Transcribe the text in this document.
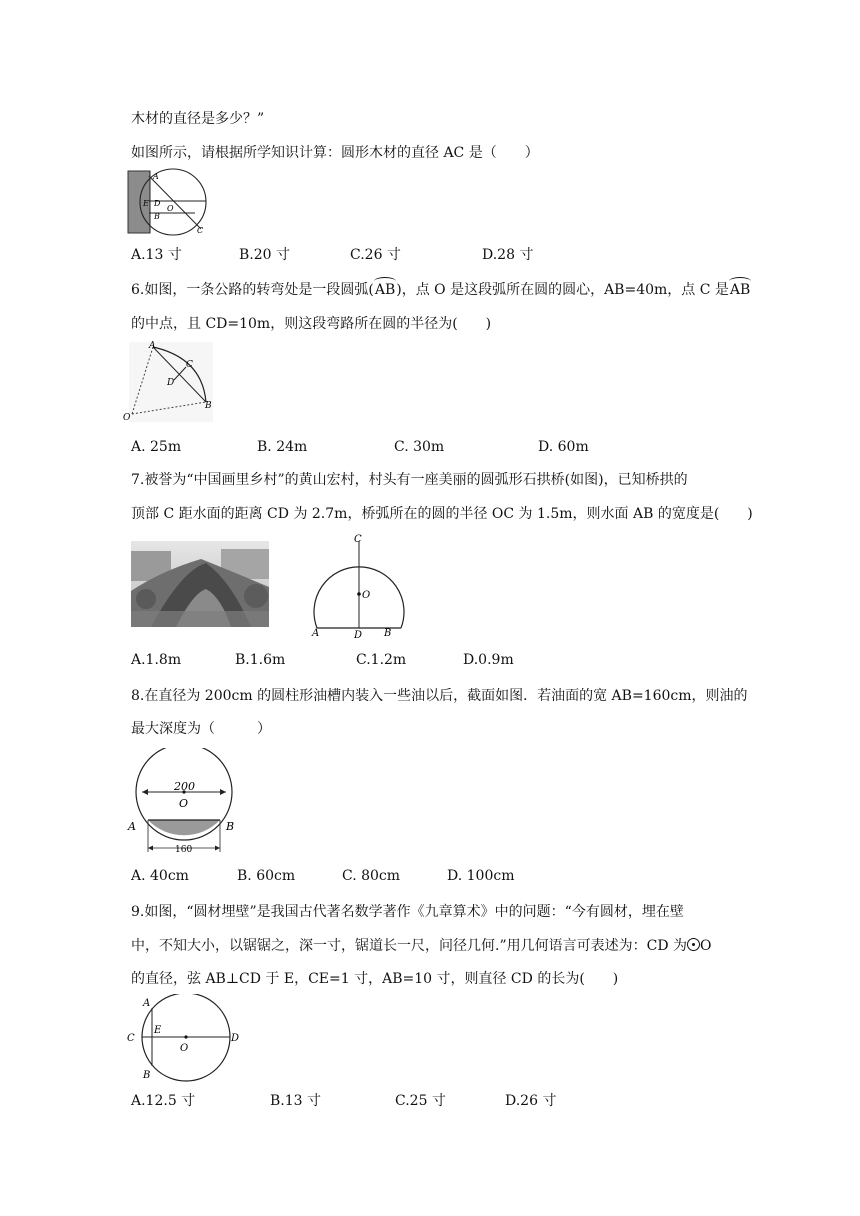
木材的直径是多少？”
如图所示，请根据所学知识计算：圆形木材的直径 AC 是（　　）
A
E D
O
B
C
A.13 寸	B.20 寸	C.26 寸	D.28 寸
6.如图，一条公路的转弯处是一段圆弧(AB)，点 O 是这段弧所在圆的圆心，AB=40m，点 C 是AB
的中点，且 CD=10m，则这段弯路所在圆的半径为(　　)
A
C
D
O
B
A. 25m	B. 24m	C. 30m	D. 60m
7.被誉为“中国画里乡村”的黄山宏村，村头有一座美丽的圆弧形石拱桥(如图)，已知桥拱的
顶部 C 距水面的距离 CD 为 2.7m，桥弧所在的圆的半径 OC 为 1.5m，则水面 AB 的宽度是(　　)
C
O
A	D B
A.1.8m	B.1.6m	C.1.2m	D.0.9m
8.在直径为 200cm 的圆柱形油槽内装入一些油以后，截面如图．若油面的宽 AB=160cm，则油的
最大深度为（　　　）
200
O
A	B
160
A. 40cm	B. 60cm	C. 80cm	D. 100cm
9.如图，“圆材埋壁”是我国古代著名数学著作《九章算术》中的问题：“今有圆材，埋在壁
中，不知大小，以锯锯之，深一寸，锯道长一尺，问径几何.”用几何语言可表述为：CD 为 O
的直径，弦 AB⊥CD 于 E，CE=1 寸，AB=10 寸，则直径 CD 的长为(　　)
A
C
E
O
D
B
A.12.5 寸	B.13 寸	C.25 寸	D.26 寸
